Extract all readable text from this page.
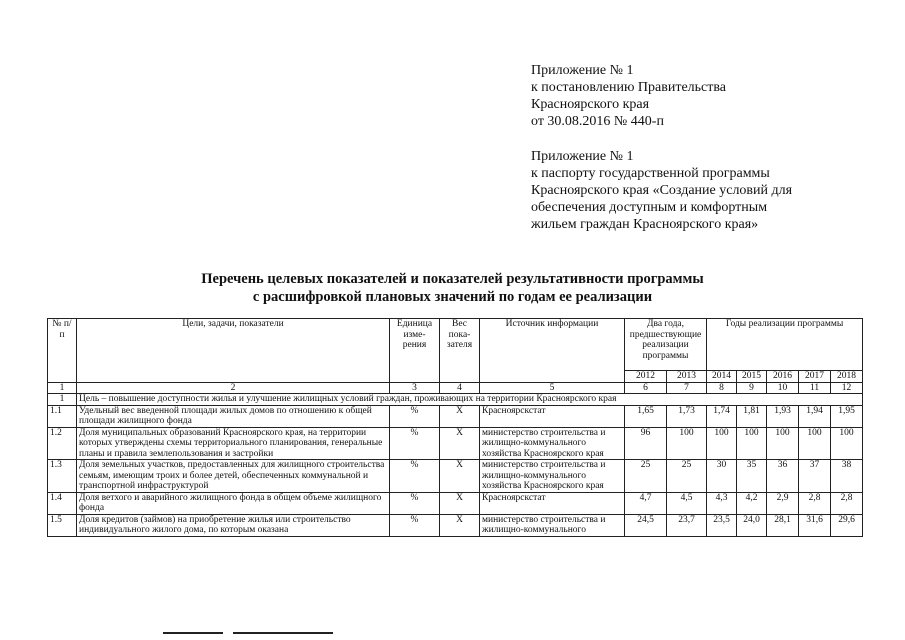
Приложение № 1
к постановлению Правительства
Красноярского края
от 30.08.2016 № 440-п
Приложение № 1
к паспорту государственной программы
Красноярского края «Создание условий для
обеспечения доступным и комфортным
жильем граждан Красноярского края»
Перечень целевых показателей и показателей результативности программы
с расшифровкой плановых значений по годам ее реализации
№ п/п	Цели, задачи, показатели	Единица изме- рения	Вес пока- зателя	Источник информации	Два года, предшествующие реализации программы		Годы реализации программы				
					2012	2013	2014	2015	2016	2017	2018
1	2	3	4	5	6	7	8	9	10	11	12
1	Цель – повышение доступности жилья и улучшение жилищных условий граждан, проживающих на территории Красноярского края										
1.1	Удельный вес введенной площади жилых домов по отношению к общей площади жилищного фонда	%	Х	Красноярскстат	1,65	1,73	1,74	1,81	1,93	1,94	1,95
1.2	Доля муниципальных образований Красноярского края, на территории которых утверждены схемы территориального планирования, генеральные планы и правила землепользования и застройки	%	Х	министерство строительства и жилищно-коммунального хозяйства Красноярского края	96	100	100	100	100	100	100
1.3	Доля земельных участков, предоставленных для жилищного строительства семьям, имеющим троих и более детей, обеспеченных коммунальной и транспортной инфраструктурой	%	Х	министерство строительства и жилищно-коммунального хозяйства Красноярского края	25	25	30	35	36	37	38
1.4	Доля ветхого и аварийного жилищного фонда в общем объеме жилищного фонда	%	Х	Красноярскстат	4,7	4,5	4,3	4,2	2,9	2,8	2,8
1.5	Доля кредитов (займов) на приобретение жилья или строительство индивидуального жилого дома, по которым оказана	%	Х	министерство строительства и жилищно-коммунального	24,5	23,7	23,5	24,0	28,1	31,6	29,6
